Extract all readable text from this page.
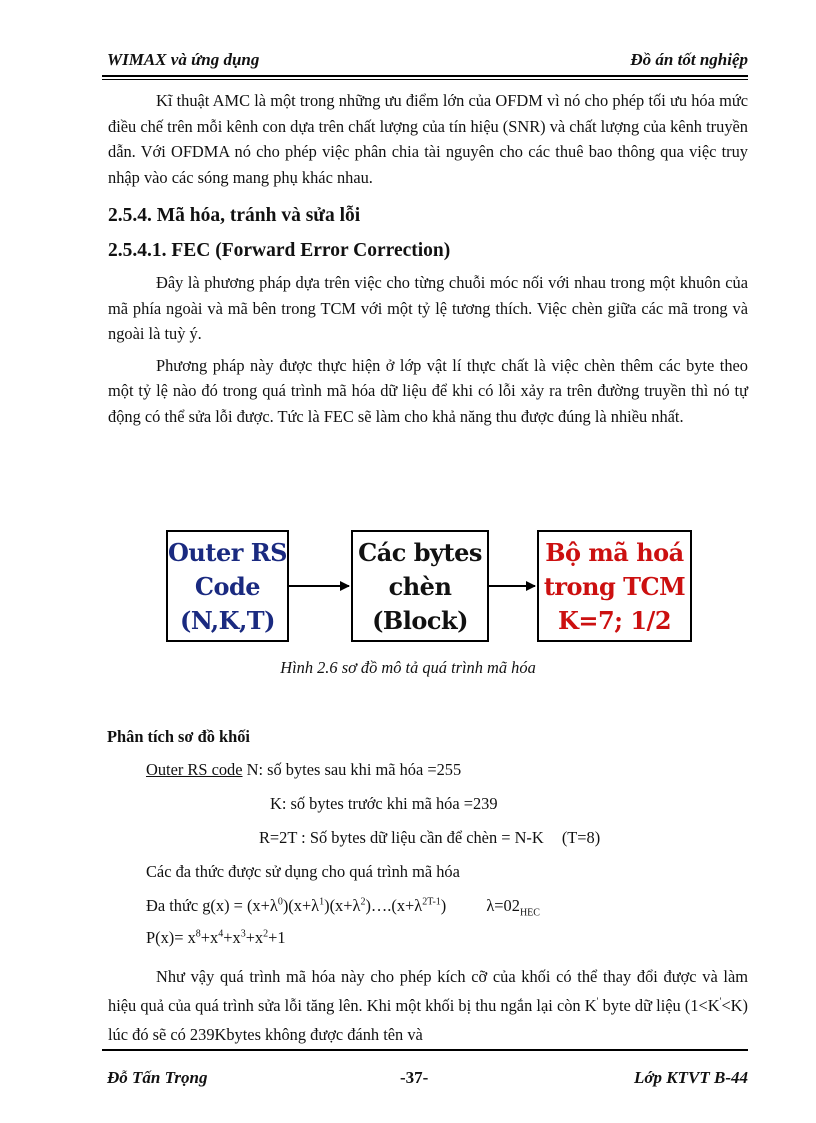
WIMAX và ứng dụng	Đồ án tốt nghiệp

Kĩ thuật AMC là một trong những ưu điểm lớn của OFDM vì nó cho phép tối ưu hóa mức điều chế trên mỗi kênh con dựa trên chất lượng của tín hiệu (SNR) và chất lượng của kênh truyền dẫn. Với OFDMA nó cho phép việc phân chia tài nguyên cho các thuê bao thông qua việc truy nhập vào các sóng mang phụ khác nhau.

2.5.4. Mã hóa, tránh và sửa lỗi
2.5.4.1. FEC (Forward Error Correction)

Đây là phương pháp dựa trên việc cho từng chuỗi móc nối với nhau trong một khuôn của mã phía ngoài và mã bên trong TCM với một tỷ lệ tương thích. Việc chèn giữa các mã trong và ngoài là tuỳ ý.

Phương pháp này được thực hiện ở lớp vật lí thực chất là việc chèn thêm các byte theo một tỷ lệ nào đó trong quá trình mã hóa dữ liệu để khi có lỗi xảy ra trên đường truyền thì nó tự động có thể sửa lỗi được. Tức là FEC sẽ làm cho khả năng thu được đúng là nhiều nhất.

Outer RS
Code
(N,K,T)
Các bytes
chèn
(Block)
Bộ mã hoá
trong TCM
K=7; 1/2
Hình 2.6 sơ đồ mô tả quá trình mã hóa
Phân tích sơ đồ khối
Outer RS code N: số bytes sau khi mã hóa =255
K: số bytes trước khi mã hóa =239
R=2T : Số bytes dữ liệu cần để chèn = N-K (T=8)
Các đa thức được sử dụng cho quá trình mã hóa
Đa thức $g(x) = (x+\lambda^0)(x+\lambda^1)(x+\lambda^2)\dots.(x+\lambda^{2T-1})$ $\lambda=02_{HEC}$
$P(x)= x^8+x^4+x^3+x^2+1$

Như vậy quá trình mã hóa này cho phép kích cỡ của khối có thể thay đổi được và làm hiệu quả của quá trình sửa lỗi tăng lên. Khi một khối bị thu ngắn lại còn K' byte dữ liệu (1<K'<K) lúc đó sẽ có 239Kbytes không được đánh tên và

Đỗ Tấn Trọng	-37-	Lớp KTVT B-44
